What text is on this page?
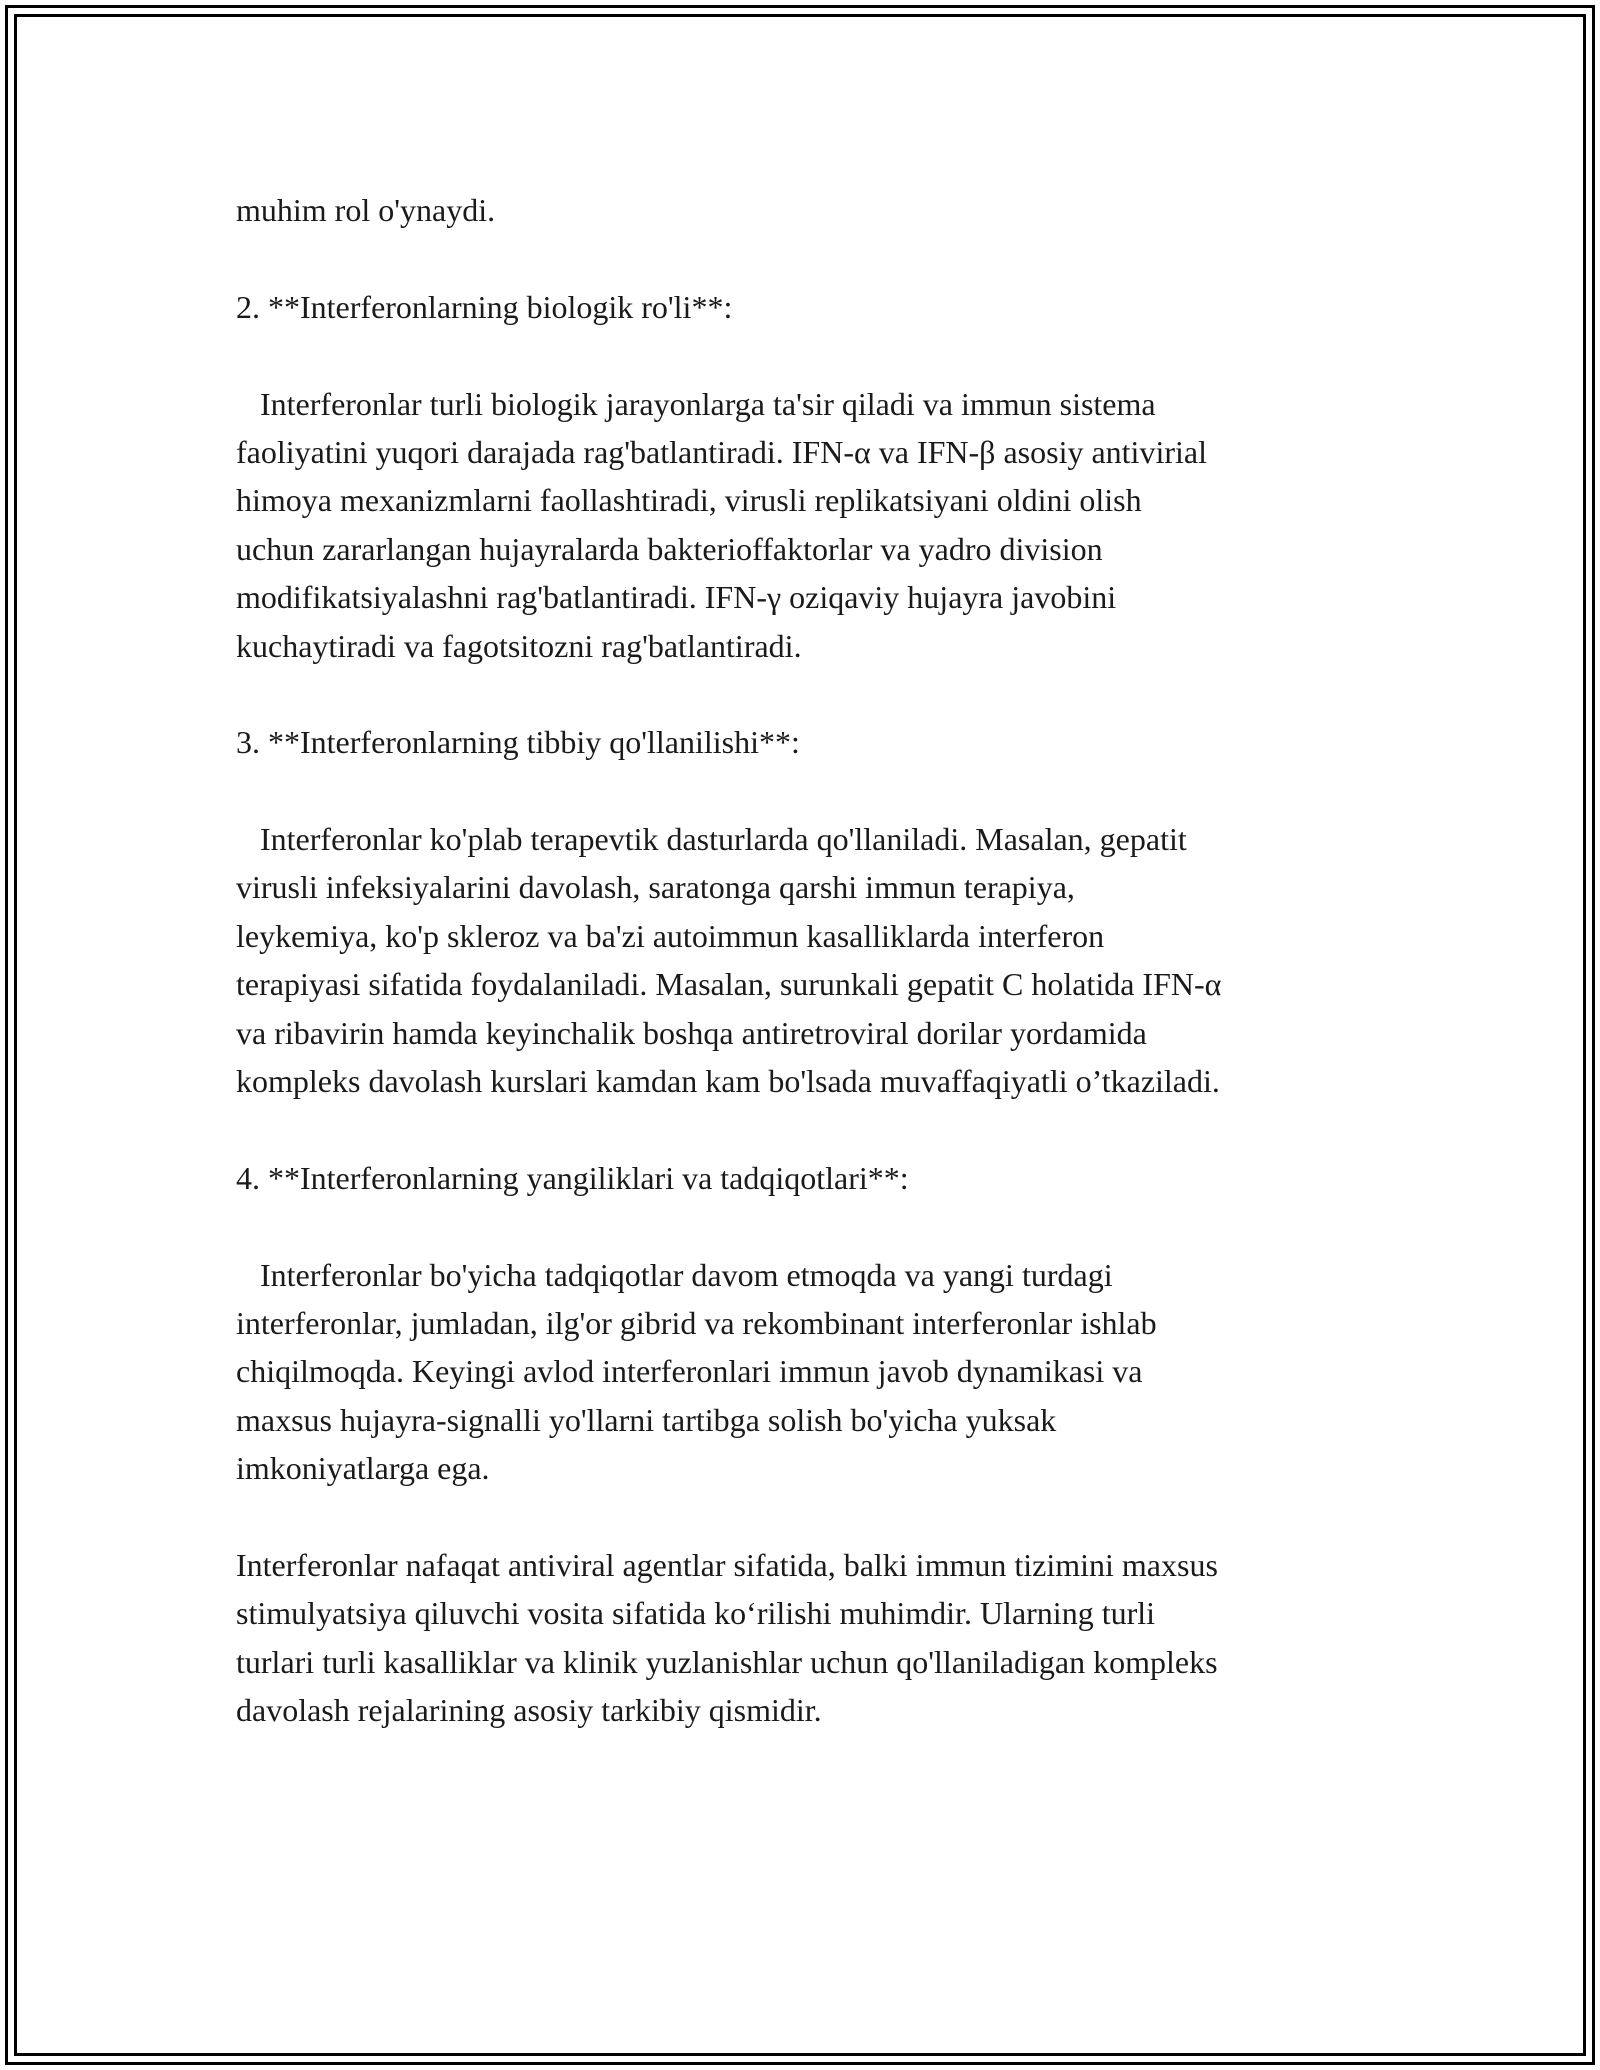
muhim rol o'ynaydi.
2. **Interferonlarning biologik ro'li**:
Interferonlar turli biologik jarayonlarga ta'sir qiladi va immun sistema
faoliyatini yuqori darajada rag'batlantiradi. IFN-α va IFN-β asosiy antivirial
himoya mexanizmlarni faollashtiradi, virusli replikatsiyani oldini olish
uchun zararlangan hujayralarda bakterioffaktorlar va yadro division
modifikatsiyalashni rag'batlantiradi. IFN-γ oziqaviy hujayra javobini
kuchaytiradi va fagotsitozni rag'batlantiradi.
3. **Interferonlarning tibbiy qo'llanilishi**:
Interferonlar ko'plab terapevtik dasturlarda qo'llaniladi. Masalan, gepatit
virusli infeksiyalarini davolash, saratonga qarshi immun terapiya,
leykemiya, ko'p skleroz va ba'zi autoimmun kasalliklarda interferon
terapiyasi sifatida foydalaniladi. Masalan, surunkali gepatit C holatida IFN-α
va ribavirin hamda keyinchalik boshqa antiretroviral dorilar yordamida
kompleks davolash kurslari kamdan kam bo'lsada muvaffaqiyatli o’tkaziladi.
4. **Interferonlarning yangiliklari va tadqiqotlari**:
Interferonlar bo'yicha tadqiqotlar davom etmoqda va yangi turdagi
interferonlar, jumladan, ilg'or gibrid va rekombinant interferonlar ishlab
chiqilmoqda. Keyingi avlod interferonlari immun javob dynamikasi va
maxsus hujayra-signalli yo'llarni tartibga solish bo'yicha yuksak
imkoniyatlarga ega.
Interferonlar nafaqat antiviral agentlar sifatida, balki immun tizimini maxsus
stimulyatsiya qiluvchi vosita sifatida ko‘rilishi muhimdir. Ularning turli
turlari turli kasalliklar va klinik yuzlanishlar uchun qo'llaniladigan kompleks
davolash rejalarining asosiy tarkibiy qismidir.
